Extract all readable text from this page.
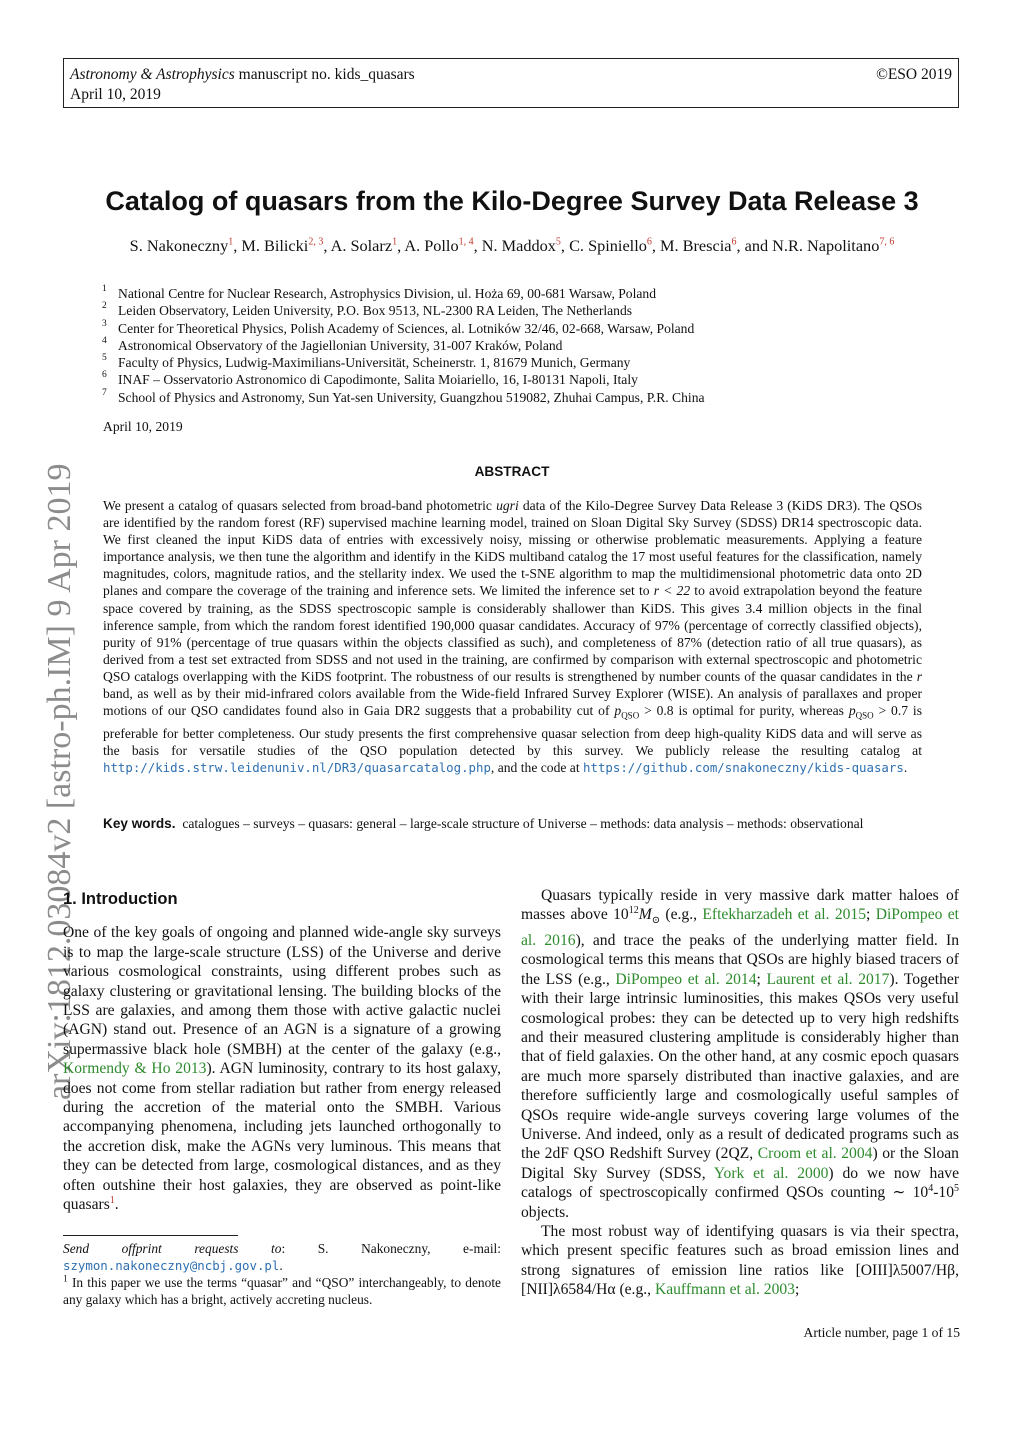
Astronomy & Astrophysics manuscript no. kids_quasars
April 10, 2019
©ESO 2019
arXiv:1812.03084v2 [astro-ph.IM] 9 Apr 2019
Catalog of quasars from the Kilo-Degree Survey Data Release 3
S. Nakoneczny$^1$, M. Bilicki$^{2, 3}$, A. Solarz$^1$, A. Pollo$^{1, 4}$, N. Maddox$^5$, C. Spiniello$^6$, M. Brescia$^6$, and N.R. Napolitano$^{7, 6}$
1 National Centre for Nuclear Research, Astrophysics Division, ul. Hoża 69, 00-681 Warsaw, Poland
2 Leiden Observatory, Leiden University, P.O. Box 9513, NL-2300 RA Leiden, The Netherlands
3 Center for Theoretical Physics, Polish Academy of Sciences, al. Lotników 32/46, 02-668, Warsaw, Poland
4 Astronomical Observatory of the Jagiellonian University, 31-007 Kraków, Poland
5 Faculty of Physics, Ludwig-Maximilians-Universität, Scheinerstr. 1, 81679 Munich, Germany
6 INAF – Osservatorio Astronomico di Capodimonte, Salita Moiariello, 16, I-80131 Napoli, Italy
7 School of Physics and Astronomy, Sun Yat-sen University, Guangzhou 519082, Zhuhai Campus, P.R. China
April 10, 2019
ABSTRACT
We present a catalog of quasars selected from broad-band photometric ugri data of the Kilo-Degree Survey Data Release 3 (KiDS DR3). The QSOs are identified by the random forest (RF) supervised machine learning model, trained on Sloan Digital Sky Survey (SDSS) DR14 spectroscopic data. We first cleaned the input KiDS data of entries with excessively noisy, missing or otherwise problematic measurements. Applying a feature importance analysis, we then tune the algorithm and identify in the KiDS multiband catalog the 17 most useful features for the classification, namely magnitudes, colors, magnitude ratios, and the stellarity index. We used the t-SNE algorithm to map the multidimensional photometric data onto 2D planes and compare the coverage of the training and inference sets. We limited the inference set to r < 22 to avoid extrapolation beyond the feature space covered by training, as the SDSS spectroscopic sample is considerably shallower than KiDS. This gives 3.4 million objects in the final inference sample, from which the random forest identified 190,000 quasar candidates. Accuracy of 97% (percentage of correctly classified objects), purity of 91% (percentage of true quasars within the objects classified as such), and completeness of 87% (detection ratio of all true quasars), as derived from a test set extracted from SDSS and not used in the training, are confirmed by comparison with external spectroscopic and photometric QSO catalogs overlapping with the KiDS footprint. The robustness of our results is strengthened by number counts of the quasar candidates in the r band, as well as by their mid-infrared colors available from the Wide-field Infrared Survey Explorer (WISE). An analysis of parallaxes and proper motions of our QSO candidates found also in Gaia DR2 suggests that a probability cut of $p_{QSO} > 0.8$ is optimal for purity, whereas $p_{QSO} > 0.7$ is preferable for better completeness. Our study presents the first comprehensive quasar selection from deep high-quality KiDS data and will serve as the basis for versatile studies of the QSO population detected by this survey. We publicly release the resulting catalog at http://kids.strw.leidenuniv.nl/DR3/quasarcatalog.php, and the code at https://github.com/snakoneczny/kids-quasars.
Key words. catalogues – surveys – quasars: general – large-scale structure of Universe – methods: data analysis – methods: observational
1. Introduction

One of the key goals of ongoing and planned wide-angle sky surveys is to map the large-scale structure (LSS) of the Universe and derive various cosmological constraints, using different probes such as galaxy clustering or gravitational lensing. The building blocks of the LSS are galaxies, and among them those with active galactic nuclei (AGN) stand out. Presence of an AGN is a signature of a growing supermassive black hole (SMBH) at the center of the galaxy (e.g., Kormendy & Ho 2013). AGN luminosity, contrary to its host galaxy, does not come from stellar radiation but rather from energy released during the accretion of the material onto the SMBH. Various accompanying phenomena, including jets launched orthogonally to the accretion disk, make the AGNs very luminous. This means that they can be detected from large, cosmological distances, and as they often outshine their host galaxies, they are observed as point-like quasars$^1$.

Quasars typically reside in very massive dark matter haloes of masses above $10^{12}M_⊙$ (e.g., Eftekharzadeh et al. 2015; DiPompeo et al. 2016), and trace the peaks of the underlying matter field. In cosmological terms this means that QSOs are highly biased tracers of the LSS (e.g., DiPompeo et al. 2014; Laurent et al. 2017). Together with their large intrinsic luminosities, this makes QSOs very useful cosmological probes: they can be detected up to very high redshifts and their measured clustering amplitude is considerably higher than that of field galaxies. On the other hand, at any cosmic epoch quasars are much more sparsely distributed than inactive galaxies, and are therefore sufficiently large and cosmologically useful samples of QSOs require wide-angle surveys covering large volumes of the Universe. And indeed, only as a result of dedicated programs such as the 2dF QSO Redshift Survey (2QZ, Croom et al. 2004) or the Sloan Digital Sky Survey (SDSS, York et al. 2000) do we now have catalogs of spectroscopically confirmed QSOs counting ∼ $10^4-10^5$ objects.

The most robust way of identifying quasars is via their spectra, which present specific features such as broad emission lines and strong signatures of emission line ratios like [OIII]λ5007/Hβ, [NII]λ6584/Hα (e.g., Kauffmann et al. 2003;

Send offprint requests to: S. Nakoneczny, e-mail: szymon.nakoneczny@ncbj.gov.pl.

$^1$ In this paper we use the terms “quasar” and “QSO” interchangeably, to denote any galaxy which has a bright, actively accreting nucleus.

Article number, page 1 of 15
